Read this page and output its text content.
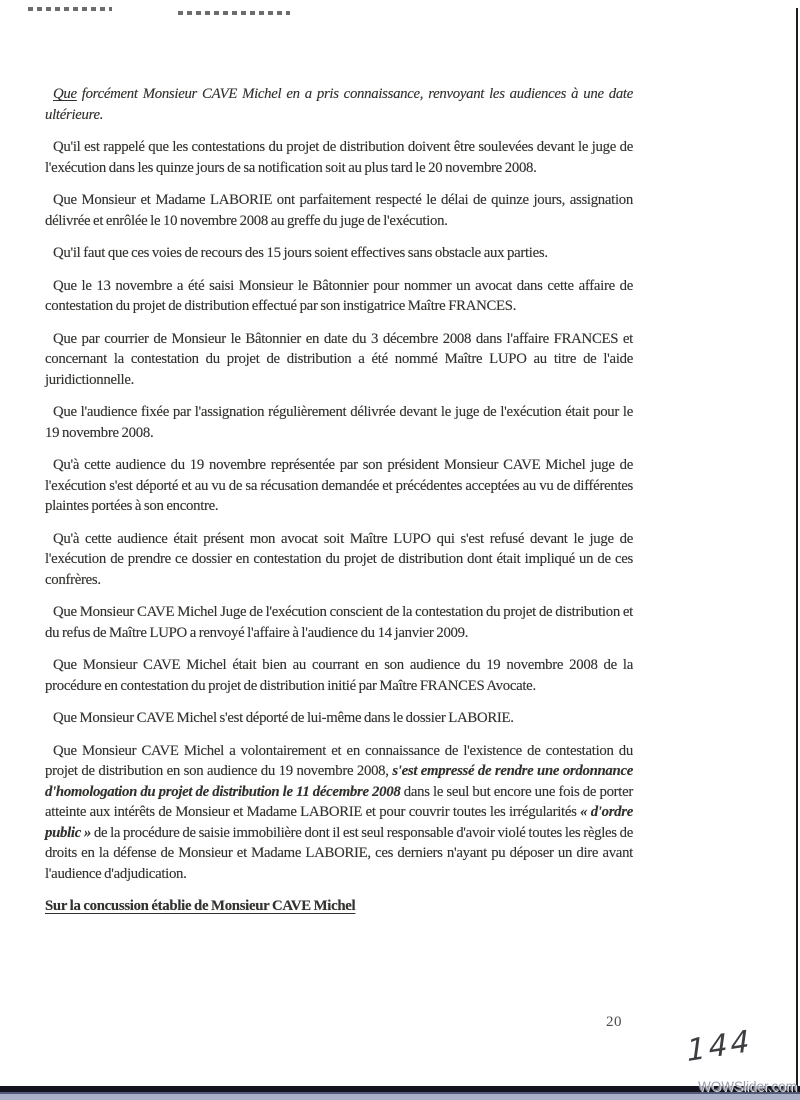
Que forcément Monsieur CAVE Michel en a pris connaissance, renvoyant les audiences à une date ultérieure.

Qu'il est rappelé que les contestations du projet de distribution doivent être soulevées devant le juge de l'exécution dans les quinze jours de sa notification soit au plus tard le 20 novembre 2008.

Que Monsieur et Madame LABORIE ont parfaitement respecté le délai de quinze jours, assignation délivrée et enrôlée le 10 novembre 2008 au greffe du juge de l'exécution.

Qu'il faut que ces voies de recours des 15 jours soient effectives sans obstacle aux parties.

Que le 13 novembre a été saisi Monsieur le Bâtonnier pour nommer un avocat dans cette affaire de contestation du projet de distribution effectué par son instigatrice Maître FRANCES.

Que par courrier de Monsieur le Bâtonnier en date du 3 décembre 2008 dans l'affaire FRANCES et concernant la contestation du projet de distribution a été nommé Maître LUPO au titre de l'aide juridictionnelle.

Que l'audience fixée par l'assignation régulièrement délivrée devant le juge de l'exécution était pour le 19 novembre 2008.

Qu'à cette audience du 19 novembre représentée par son président Monsieur CAVE Michel juge de l'exécution s'est déporté et au vu de sa récusation demandée et précédentes acceptées au vu de différentes plaintes portées à son encontre.

Qu'à cette audience était présent mon avocat soit Maître LUPO qui s'est refusé devant le juge de l'exécution de prendre ce dossier en contestation du projet de distribution dont était impliqué un de ces confrères.

Que Monsieur CAVE Michel Juge de l'exécution conscient de la contestation du projet de distribution et du refus de Maître LUPO a renvoyé l'affaire à l'audience du 14 janvier 2009.

Que Monsieur CAVE Michel était bien au courrant en son audience du 19 novembre 2008 de la procédure en contestation du projet de distribution initié par Maître FRANCES Avocate.

Que Monsieur CAVE Michel s'est déporté de lui-même dans le dossier LABORIE.

Que Monsieur CAVE Michel a volontairement et en connaissance de l'existence de contestation du projet de distribution en son audience du 19 novembre 2008, s'est empressé de rendre une ordonnance d'homologation du projet de distribution le 11 décembre 2008 dans le seul but encore une fois de porter atteinte aux intérêts de Monsieur et Madame LABORIE et pour couvrir toutes les irrégularités « d'ordre public » de la procédure de saisie immobilière dont il est seul responsable d'avoir violé toutes les règles de droits en la défense de Monsieur et Madame LABORIE, ces derniers n'ayant pu déposer un dire avant l'audience d'adjudication.

Sur la concussion établie de Monsieur CAVE Michel

20
144
WOWSlider.com
